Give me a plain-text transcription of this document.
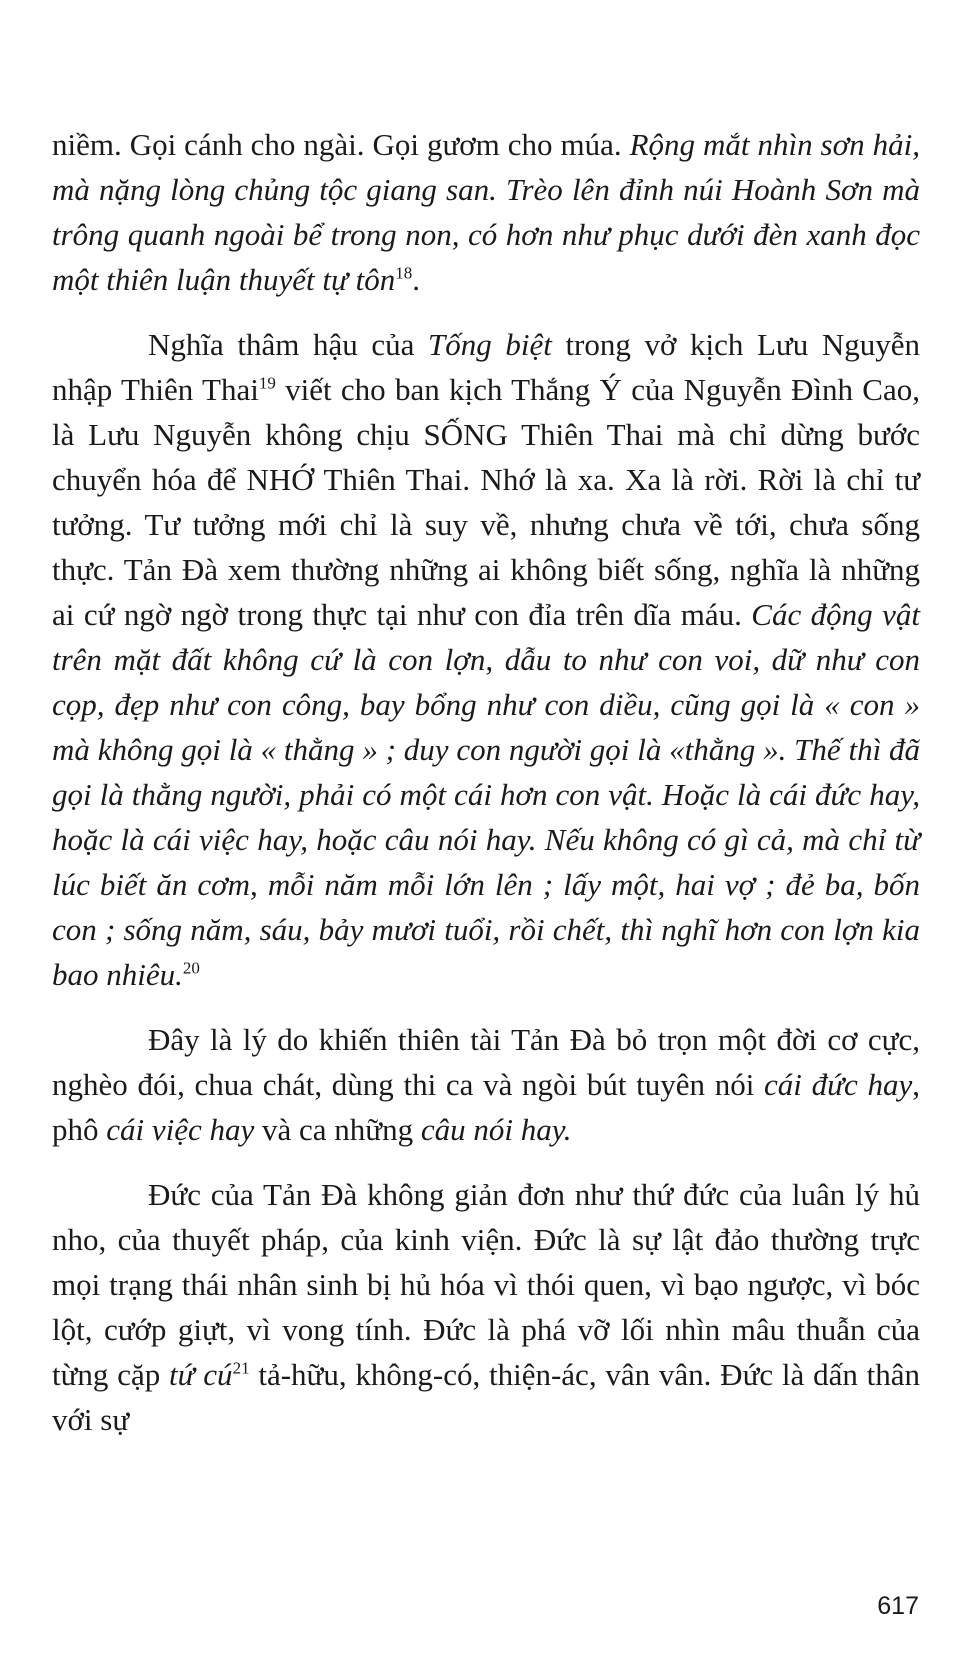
niềm. Gọi cánh cho ngài. Gọi gươm cho múa. Rộng mắt nhìn sơn hải, mà nặng lòng chủng tộc giang san. Trèo lên đỉnh núi Hoành Sơn mà trông quanh ngoài bể trong non, có hơn như phục dưới đèn xanh đọc một thiên luận thuyết tự tôn$^{18}$.

Nghĩa thâm hậu của Tống biệt trong vở kịch Lưu Nguyễn nhập Thiên Thai$^{19}$ viết cho ban kịch Thắng Ý của Nguyễn Đình Cao, là Lưu Nguyễn không chịu SỐNG Thiên Thai mà chỉ dừng bước chuyển hóa để NHỚ Thiên Thai. Nhớ là xa. Xa là rời. Rời là chỉ tư tưởng. Tư tưởng mới chỉ là suy về, nhưng chưa về tới, chưa sống thực. Tản Đà xem thường những ai không biết sống, nghĩa là những ai cứ ngờ ngờ trong thực tại như con đỉa trên dĩa máu. Các động vật trên mặt đất không cứ là con lợn, dẫu to như con voi, dữ như con cọp, đẹp như con công, bay bổng như con diều, cũng gọi là « con » mà không gọi là « thằng » ; duy con người gọi là «thằng ». Thế thì đã gọi là thằng người, phải có một cái hơn con vật. Hoặc là cái đức hay, hoặc là cái việc hay, hoặc câu nói hay. Nếu không có gì cả, mà chỉ từ lúc biết ăn cơm, mỗi năm mỗi lớn lên ; lấy một, hai vợ ; đẻ ba, bốn con ; sống năm, sáu, bảy mươi tuổi, rồi chết, thì nghĩ hơn con lợn kia bao nhiêu.$^{20}$

Đây là lý do khiến thiên tài Tản Đà bỏ trọn một đời cơ cực, nghèo đói, chua chát, dùng thi ca và ngòi bút tuyên nói cái đức hay, phô cái việc hay và ca những câu nói hay.

Đức của Tản Đà không giản đơn như thứ đức của luân lý hủ nho, của thuyết pháp, của kinh viện. Đức là sự lật đảo thường trực mọi trạng thái nhân sinh bị hủ hóa vì thói quen, vì bạo ngược, vì bóc lột, cướp giựt, vì vong tính. Đức là phá vỡ lối nhìn mâu thuẫn của từng cặp tứ $cú^{21}$ tả-hữu, không-có, thiện-ác, vân vân. Đức là dấn thân với sự

617
